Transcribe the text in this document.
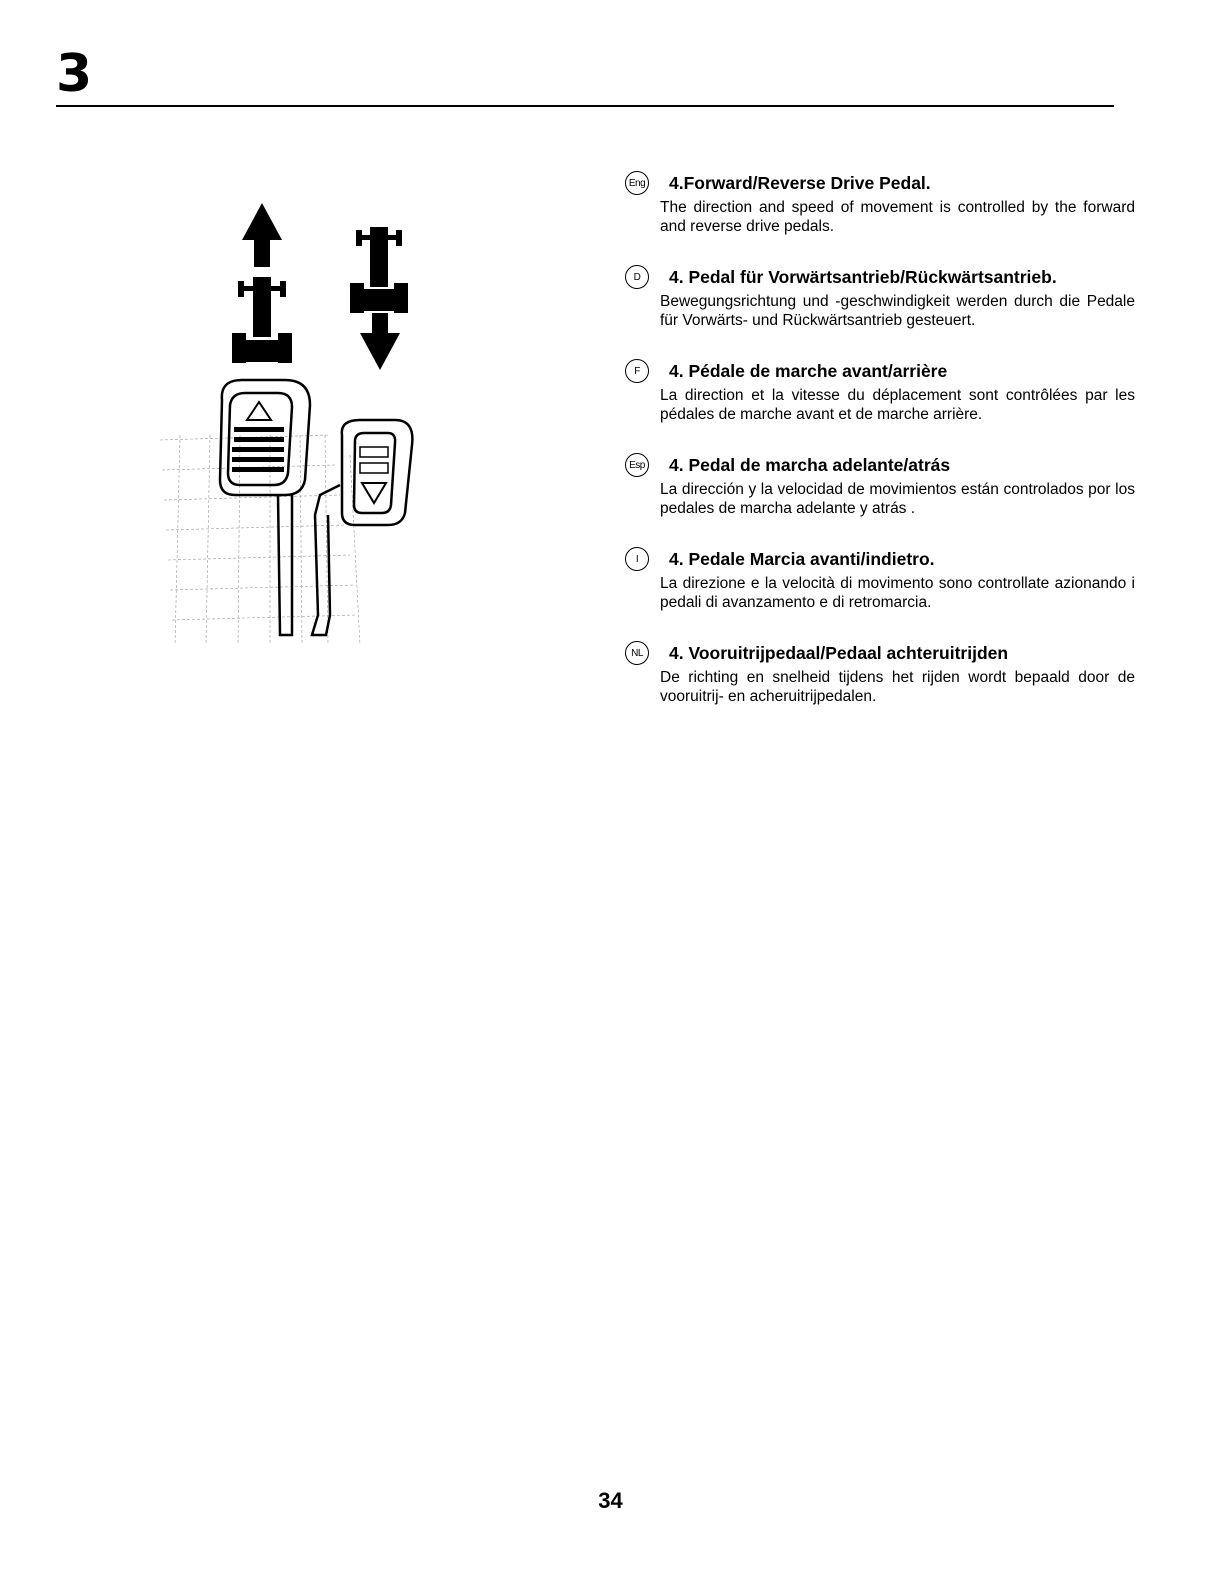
3
Eng 4.Forward/Reverse Drive Pedal.
The direction and speed of movement is controlled by the forward and reverse drive pedals.
D	4. Pedal für Vorwärtsantrieb/Rückwärtsantrieb.
Bewegungsrichtung und -geschwindigkeit werden durch die Pedale für Vorwärts- und Rückwärtsantrieb gesteuert.
F	4. Pédale de marche avant/arrière
La direction et la vitesse du déplacement sont contrôlées par les pédales de marche avant et de marche arrière.
Esp 4. Pedal de marcha adelante/atrás
La dirección y la velocidad de movimientos están controlados por los pedales de marcha adelante y atrás .
I	4. Pedale Marcia avanti/indietro.
La direzione e la velocità di movimento sono controllate azionando i pedali di avanzamento e di retromarcia.
NL	4. Vooruitrijpedaal/Pedaal achteruitrijden
De richting en snelheid tijdens het rijden wordt bepaald door de vooruitrij- en acheruitrijpedalen.
34
